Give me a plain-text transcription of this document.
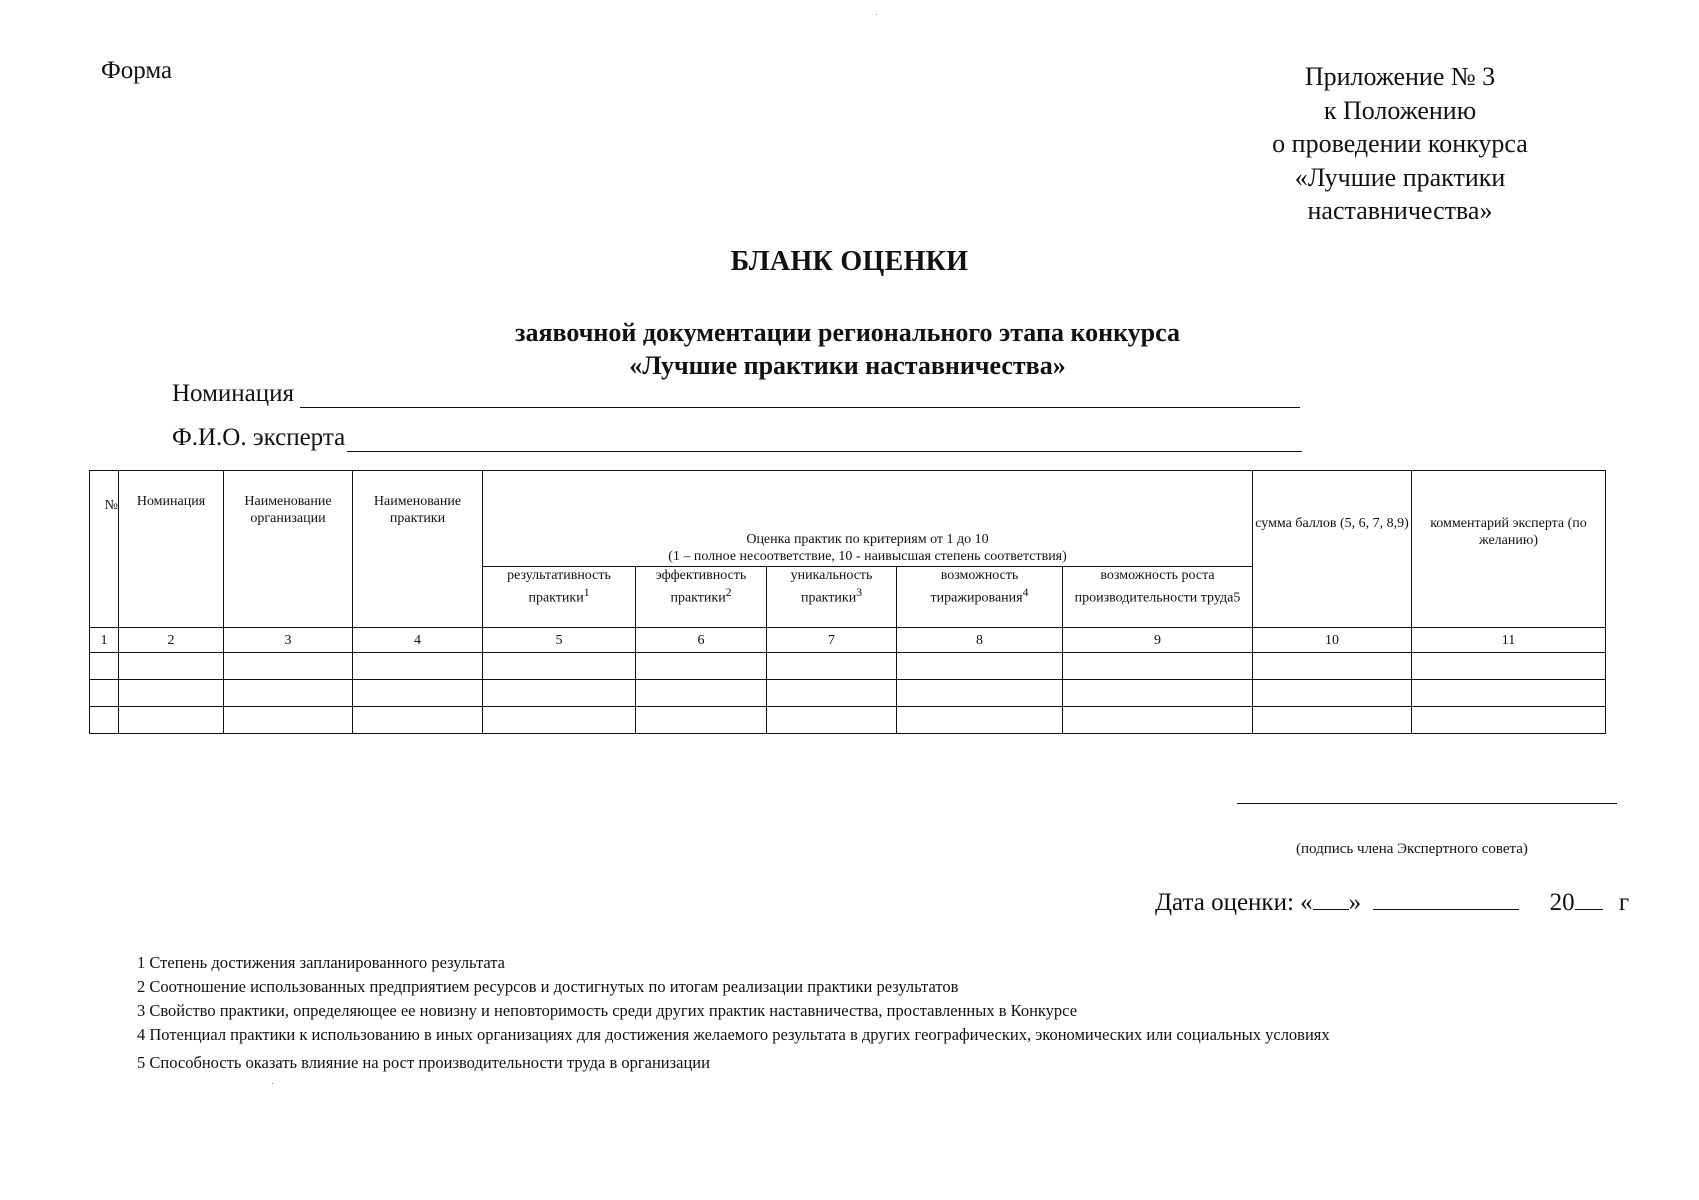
Форма	Приложение № 3
к Положению
о проведении конкурса
«Лучшие практики
наставничества»
БЛАНК ОЦЕНКИ
заявочной документации регионального этапа конкурса
«Лучшие практики наставничества»
Номинация
Ф.И.О. эксперта
№	Номинация	Наименование организации	Наименование практики	Оценка практик по критериям от 1 до 10
(1 – полное несоответствие, 10 - наивысшая степень соответствия)					сумма баллов (5, 6, 7, 8,9)	комментарий эксперта (по желанию)
				результативность практики$^1$	эффективность практики$^2$	уникальность практики$^3$	возможность тиражирования$^4$	возможность роста производительности труда5		
1	2	3	4	5	6	7	8	9	10	11

(подпись члена Экспертного совета)
Дата оценки: « »	20 г
1 Степень достижения запланированного результата
2 Соотношение использованных предприятием ресурсов и достигнутых по итогам реализации практики результатов
3 Свойство практики, определяющее ее новизну и неповторимость среди других практик наставничества, проставленных в Конкурсе
4 Потенциал практики к использованию в иных организациях для достижения желаемого результата в других географических, экономических или социальных условиях
5 Способность оказать влияние на рост производительности труда в организации
